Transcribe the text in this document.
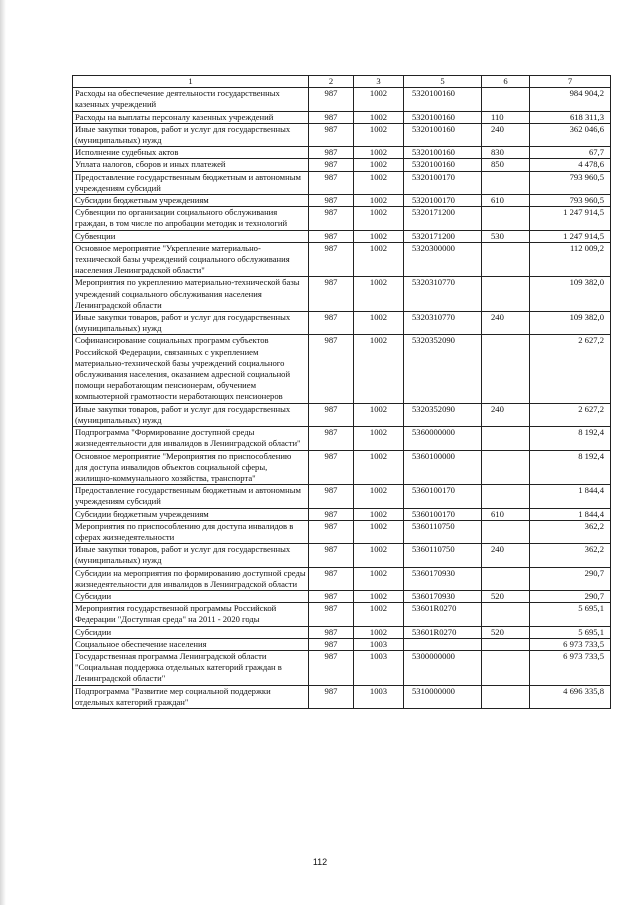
1	2	3	5	6	7
Расходы на обеспечение деятельности государственных казенных учреждений	987	1002	5320100160		984 904,2
Расходы на выплаты персоналу казенных учреждений	987	1002	5320100160	110	618 311,3
Иные закупки товаров, работ и услуг для государственных (муниципальных) нужд	987	1002	5320100160	240	362 046,6
Исполнение судебных актов	987	1002	5320100160	830	67,7
Уплата налогов, сборов и иных платежей	987	1002	5320100160	850	4 478,6
Предоставление государственным бюджетным и автономным учреждениям субсидий	987	1002	5320100170		793 960,5
Субсидии бюджетным учреждениям	987	1002	5320100170	610	793 960,5
Субвенции по организации социального обслуживания граждан, в том числе по апробации методик и технологий	987	1002	5320171200		1 247 914,5
Субвенции	987	1002	5320171200	530	1 247 914,5
Основное мероприятие "Укрепление материально-технической базы учреждений социального обслуживания населения Ленинградской области"	987	1002	5320300000		112 009,2
Мероприятия по укреплению материально-технической базы учреждений социального обслуживания населения Ленинградской области	987	1002	5320310770		109 382,0
Иные закупки товаров, работ и услуг для государственных (муниципальных) нужд	987	1002	5320310770	240	109 382,0
Софинансирование социальных программ субъектов Российской Федерации, связанных с укреплением материально-технической базы учреждений социального обслуживания населения, оказанием адресной социальной помощи неработающим пенсионерам, обучением компьютерной грамотности неработающих пенсионеров	987	1002	5320352090		2 627,2
Иные закупки товаров, работ и услуг для государственных (муниципальных) нужд	987	1002	5320352090	240	2 627,2
Подпрограмма "Формирование доступной среды жизнедеятельности для инвалидов в Ленинградской области"	987	1002	5360000000		8 192,4
Основное мероприятие "Мероприятия по приспособлению для доступа инвалидов объектов социальной сферы, жилищно-коммунального хозяйства, транспорта"	987	1002	5360100000		8 192,4
Предоставление государственным бюджетным и автономным учреждениям субсидий	987	1002	5360100170		1 844,4
Субсидии бюджетным учреждениям	987	1002	5360100170	610	1 844,4
Мероприятия по приспособлению для доступа инвалидов в сферах жизнедеятельности	987	1002	5360110750		362,2
Иные закупки товаров, работ и услуг для государственных (муниципальных) нужд	987	1002	5360110750	240	362,2
Субсидии на мероприятия по формированию доступной среды жизнедеятельности для инвалидов в Ленинградской области	987	1002	5360170930		290,7
Субсидии	987	1002	5360170930	520	290,7
Мероприятия государственной программы Российской Федерации "Доступная среда" на 2011 - 2020 годы	987	1002	53601R0270		5 695,1
Субсидии	987	1002	53601R0270	520	5 695,1
Социальное обеспечение населения	987	1003			6 973 733,5
Государственная программа Ленинградской области "Социальная поддержка отдельных категорий граждан в Ленинградской области"	987	1003	5300000000		6 973 733,5
Подпрограмма "Развитие мер социальной поддержки отдельных категорий граждан"	987	1003	5310000000		4 696 335,8
112
